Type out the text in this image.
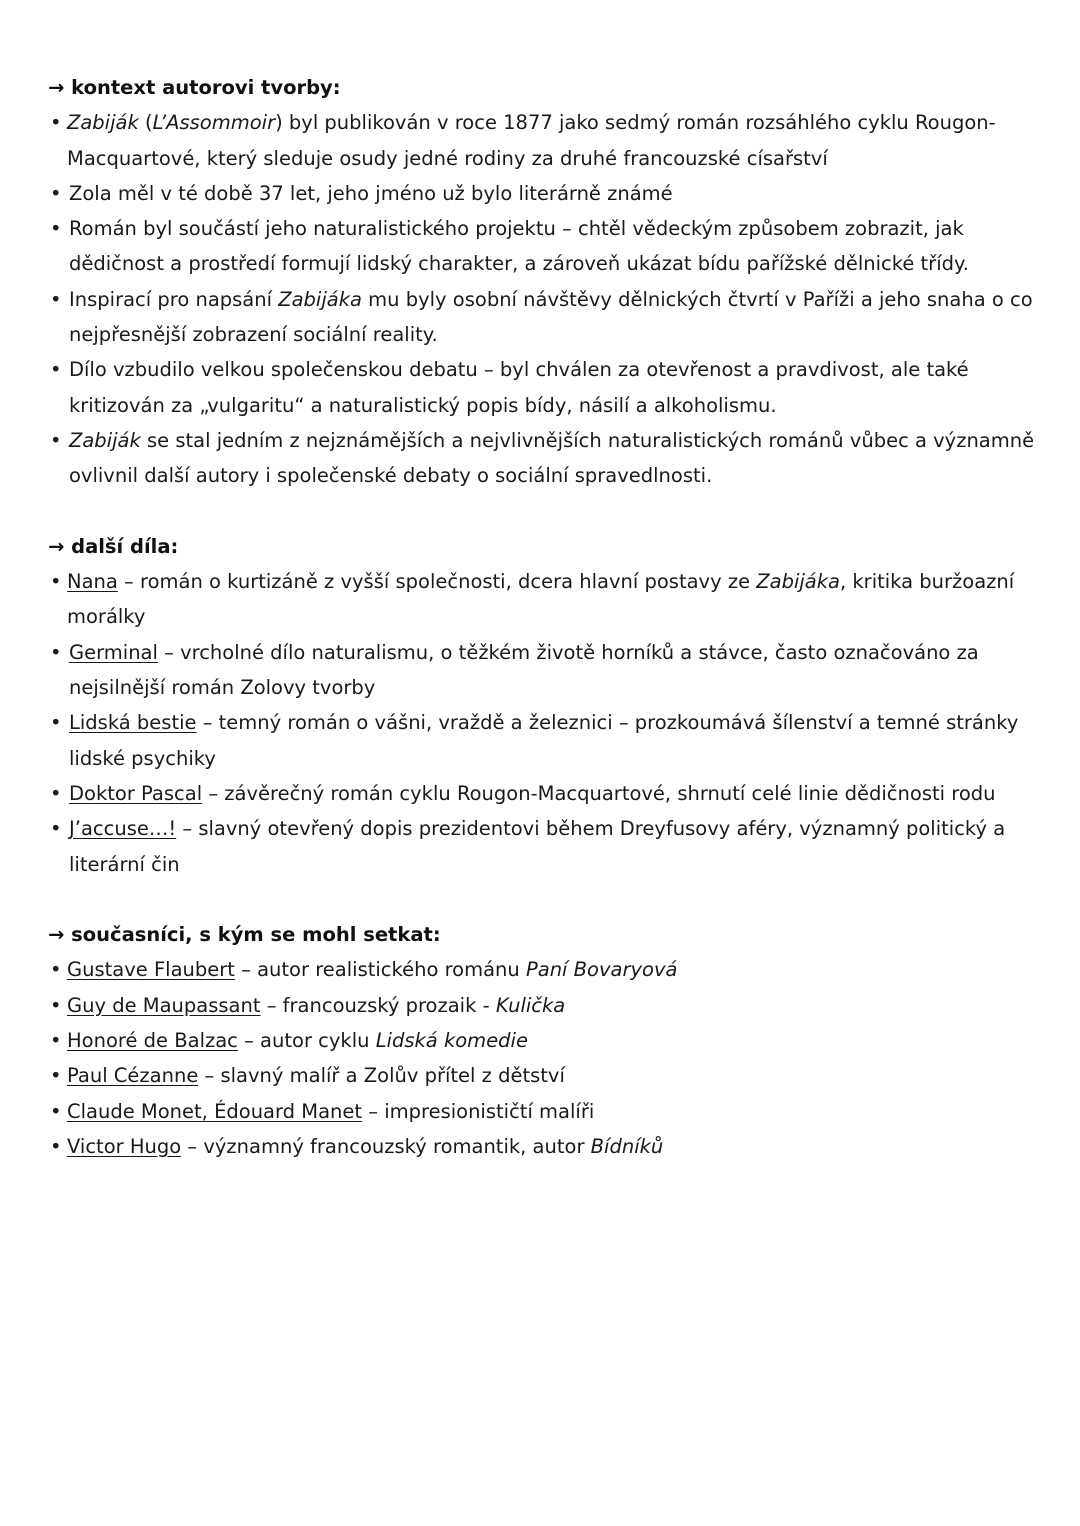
→ kontext autorovi tvorby:
• Zabiják (L’Assommoir) byl publikován v roce 1877 jako sedmý román rozsáhlého cyklu Rougon-Macquartové, který sleduje osudy jedné rodiny za druhé francouzské císařství
• Zola měl v té době 37 let, jeho jméno už bylo literárně známé
• Román byl součástí jeho naturalistického projektu – chtěl vědeckým způsobem zobrazit, jak dědičnost a prostředí formují lidský charakter, a zároveň ukázat bídu pařížské dělnické třídy.
• Inspirací pro napsání Zabijáka mu byly osobní návštěvy dělnických čtvrtí v Paříži a jeho snaha o co nejpřesnější zobrazení sociální reality.
• Dílo vzbudilo velkou společenskou debatu – byl chválen za otevřenost a pravdivost, ale také kritizován za „vulgaritu“ a naturalistický popis bídy, násilí a alkoholismu.
• Zabiják se stal jedním z nejznámějších a nejvlivnějších naturalistických románů vůbec a významně ovlivnil další autory i společenské debaty o sociální spravedlnosti.
→ další díla:
• Nana – román o kurtizáně z vyšší společnosti, dcera hlavní postavy ze Zabijáka, kritika buržoazní morálky
• Germinal – vrcholné dílo naturalismu, o těžkém životě horníků a stávce, často označováno za nejsilnější román Zolovy tvorby
• Lidská bestie – temný román o vášni, vraždě a železnici – prozkoumává šílenství a temné stránky lidské psychiky
• Doktor Pascal – závěrečný román cyklu Rougon-Macquartové, shrnutí celé linie dědičnosti rodu
• J’accuse…! – slavný otevřený dopis prezidentovi během Dreyfusovy aféry, významný politický a literární čin
→ současníci, s kým se mohl setkat:
• Gustave Flaubert – autor realistického románu Paní Bovaryová
• Guy de Maupassant – francouzský prozaik - Kulička
• Honoré de Balzac – autor cyklu Lidská komedie
• Paul Cézanne – slavný malíř a Zolův přítel z dětství
• Claude Monet, Édouard Manet – impresionističtí malíři
• Victor Hugo – významný francouzský romantik, autor Bídníků
